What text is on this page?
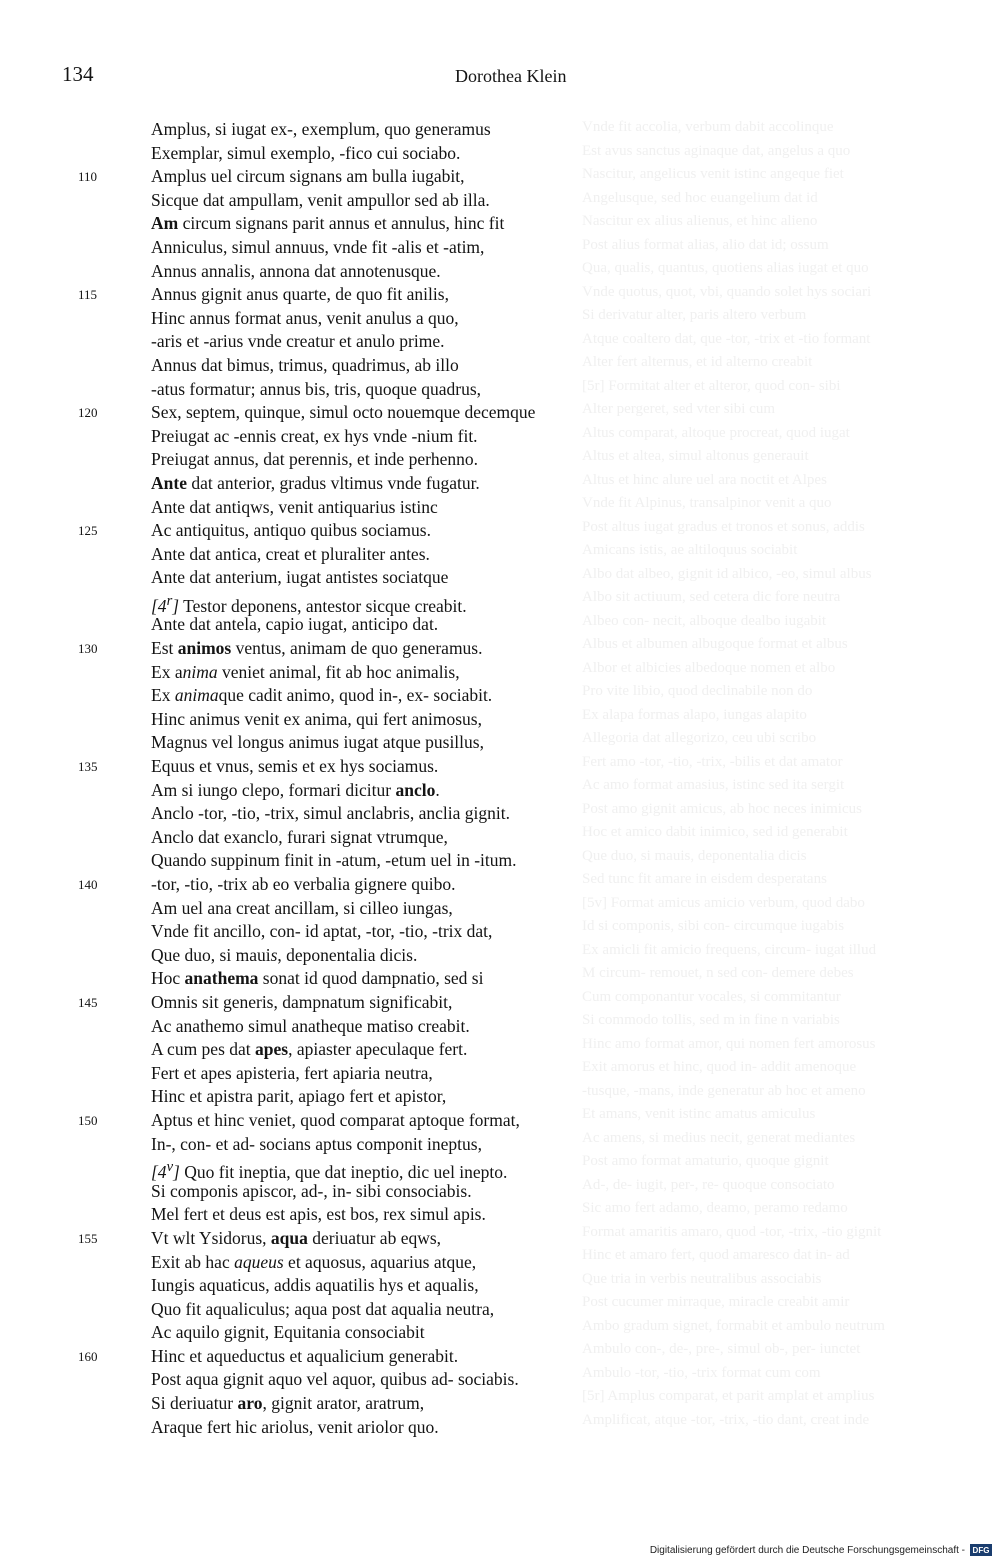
134	Dorothea Klein
Vnde fit accolia, verbum dabit accolinque
Est avus sanctus aginaque dat, angelus a quo
Nascitur, angelicus venit istinc angeque fiet
Angelusque, sed hoc euangelium dat id
Nascitur ex alius alienus, et hinc alieno
Post alius format alias, alio dat id; ossum
Qua, qualis, quantus, quotiens alias iugat et quo
Vnde quotus, quot, vbi, quando solet hys sociari
Si derivatur alter, paris altero verbum
Atque coaltero dat, que -tor, -trix et -tio formant
Alter fert alternus, et id alterno creabit
[5r] Formitat alter et alteror, quod con- sibi
Alter pergeret, sed vter sibi cum
Altus comparat, altoque procreat, quod iugat
Altus et altea, simul altonus generauit
Altus et hinc alure uel ara noctit et Alpes
Vnde fit Alpinus, transalpinor venit a quo
Post altus iugat gradus et tronos et sonus, addis
Amicans istis, ae altiloquus sociabit
Albo dat albeo, gignit id albico, -eo, simul albus
Albo sit actiuum, sed cetera dic fore neutra
Albeo con- necit, alboque dealbo iugabit
Albus et albumen albugoque format et albus
Albor et albicies albedoque nomen et albo
Pro vite libio, quod declinabile non do
Ex alapa formas alapo, iungas alapito
Allegoria dat allegorizo, ceu ubi scribo
Fert amo -tor, -tio, -trix, -bilis et dat amator
Ac amo format amasius, istinc sed ita sergit
Post amo gignit amicus, ab hoc neces inimicus
Hoc et amico dabit inimico, sed id generabit
Que duo, si mauis, deponentalia dicis
Sed tunc fit amare in eisdem desperatans
[5v] Format amicus amicio verbum, quod dabo
Id si componis, sibi con- circumque iugabis
Ex amicli fit amicio frequens, circum- iugat illud
M circum- remouet, n sed con- demere debes
Cum componantur vocales, si commitantur
Si commodo tollis, sed m in fine n variabis
Hinc amo format amor, qui nomen fert amorosus
Exit amorus et hinc, quod in- addit amenoque
-tusque, -mans, inde generatur ab hoc et ameno
Et amans, venit istinc amatus amiculus
Ac amens, si medius necit, generat mediantes
Post amo format amaturio, quoque gignit
Ad-, de- iugit, per-, re- quoque consociato
Sic amo fert adamo, deamo, peramo redamo
Format amaritis amaro, quod -tor, -trix, -tio gignit
Hinc et amaro fert, quod amaresco dat in- ad
Que tria in verbis neutralibus associabis
Post cucumer mirraque, miracle creabit amir
Ambo gradum signet, formabit et ambulo neutrum
Ambulo con-, de-, pre-, simul ob-, per- iunctet
Ambulo -tor, -tio, -trix format cum com
[5r] Amplus comparat, et parit amplat et amplius
Amplificat, atque -tor, -trix, -tio dant, creat inde
Amplus, si iugat ex-, exemplum, quo generamus
Exemplar, simul exemplo, -fico cui sociabo.
110	Amplus uel circum signans am bulla iugabit,
Sicque dat ampullam, venit ampullor sed ab illa.
Am circum signans parit annus et annulus, hinc fit
Anniculus, simul annuus, vnde fit -alis et -atim,
Annus annalis, annona dat annotenusque.
115	Annus gignit anus quarte, de quo fit anilis,
Hinc annus format anus, venit anulus a quo,
-aris et -arius vnde creatur et anulo prime.
Annus dat bimus, trimus, quadrimus, ab illo
-atus formatur; annus bis, tris, quoque quadrus,
120	Sex, septem, quinque, simul octo nouemque decemque
Preiugat ac -ennis creat, ex hys vnde -nium fit.
Preiugat annus, dat perennis, et inde perhenno.
Ante dat anterior, gradus vltimus vnde fugatur.
Ante dat antiqws, venit antiquarius istinc
125	Ac antiquitus, antiquo quibus sociamus.
Ante dat antica, creat et pluraliter antes.
Ante dat anterium, iugat antistes sociatque
[4$^r$] Testor deponens, antestor sicque creabit.
Ante dat antela, capio iugat, anticipo dat.
130	Est animos ventus, animam de quo generamus.
Ex anima veniet animal, fit ab hoc animalis,
Ex animaque cadit animo, quod in-, ex- sociabit.
Hinc animus venit ex anima, qui fert animosus,
Magnus vel longus animus iugat atque pusillus,
135	Equus et vnus, semis et ex hys sociamus.
Am si iungo clepo, formari dicitur anclo.
Anclo -tor, -tio, -trix, simul anclabris, anclia gignit.
Anclo dat exanclo, furari signat vtrumque,
Quando suppinum finit in -atum, -etum uel in -itum.
140	-tor, -tio, -trix ab eo verbalia gignere quibo.
Am uel ana creat ancillam, si cilleo iungas,
Vnde fit ancillo, con- id aptat, -tor, -tio, -trix dat,
Que duo, si mauis, deponentalia dicis.
Hoc anathema sonat id quod dampnatio, sed si
145	Omnis sit generis, dampnatum significabit,
Ac anathemo simul anatheque matiso creabit.
A cum pes dat apes, apiaster apeculaque fert.
Fert et apes apisteria, fert apiaria neutra,
Hinc et apistra parit, apiago fert et apistor,
150	Aptus et hinc veniet, quod comparat aptoque format,
In-, con- et ad- socians aptus componit ineptus,
[4$^v$] Quo fit ineptia, que dat ineptio, dic uel inepto.
Si componis apiscor, ad-, in- sibi consociabis.
Mel fert et deus est apis, est bos, rex simul apis.
155	Vt wlt Ysidorus, aqua deriuatur ab eqws,
Exit ab hac aqueus et aquosus, aquarius atque,
Iungis aquaticus, addis aquatilis hys et aqualis,
Quo fit aqualiculus; aqua post dat aqualia neutra,
Ac aquilo gignit, Equitania consociabit
160	Hinc et aqueductus et aqualicium generabit.
Post aqua gignit aquo vel aquor, quibus ad- sociabis.
Si deriuatur aro, gignit arator, aratrum,
Araque fert hic ariolus, venit ariolor quo.
Digitalisierung gefördert durch die Deutsche Forschungsgemeinschaft - DFG
